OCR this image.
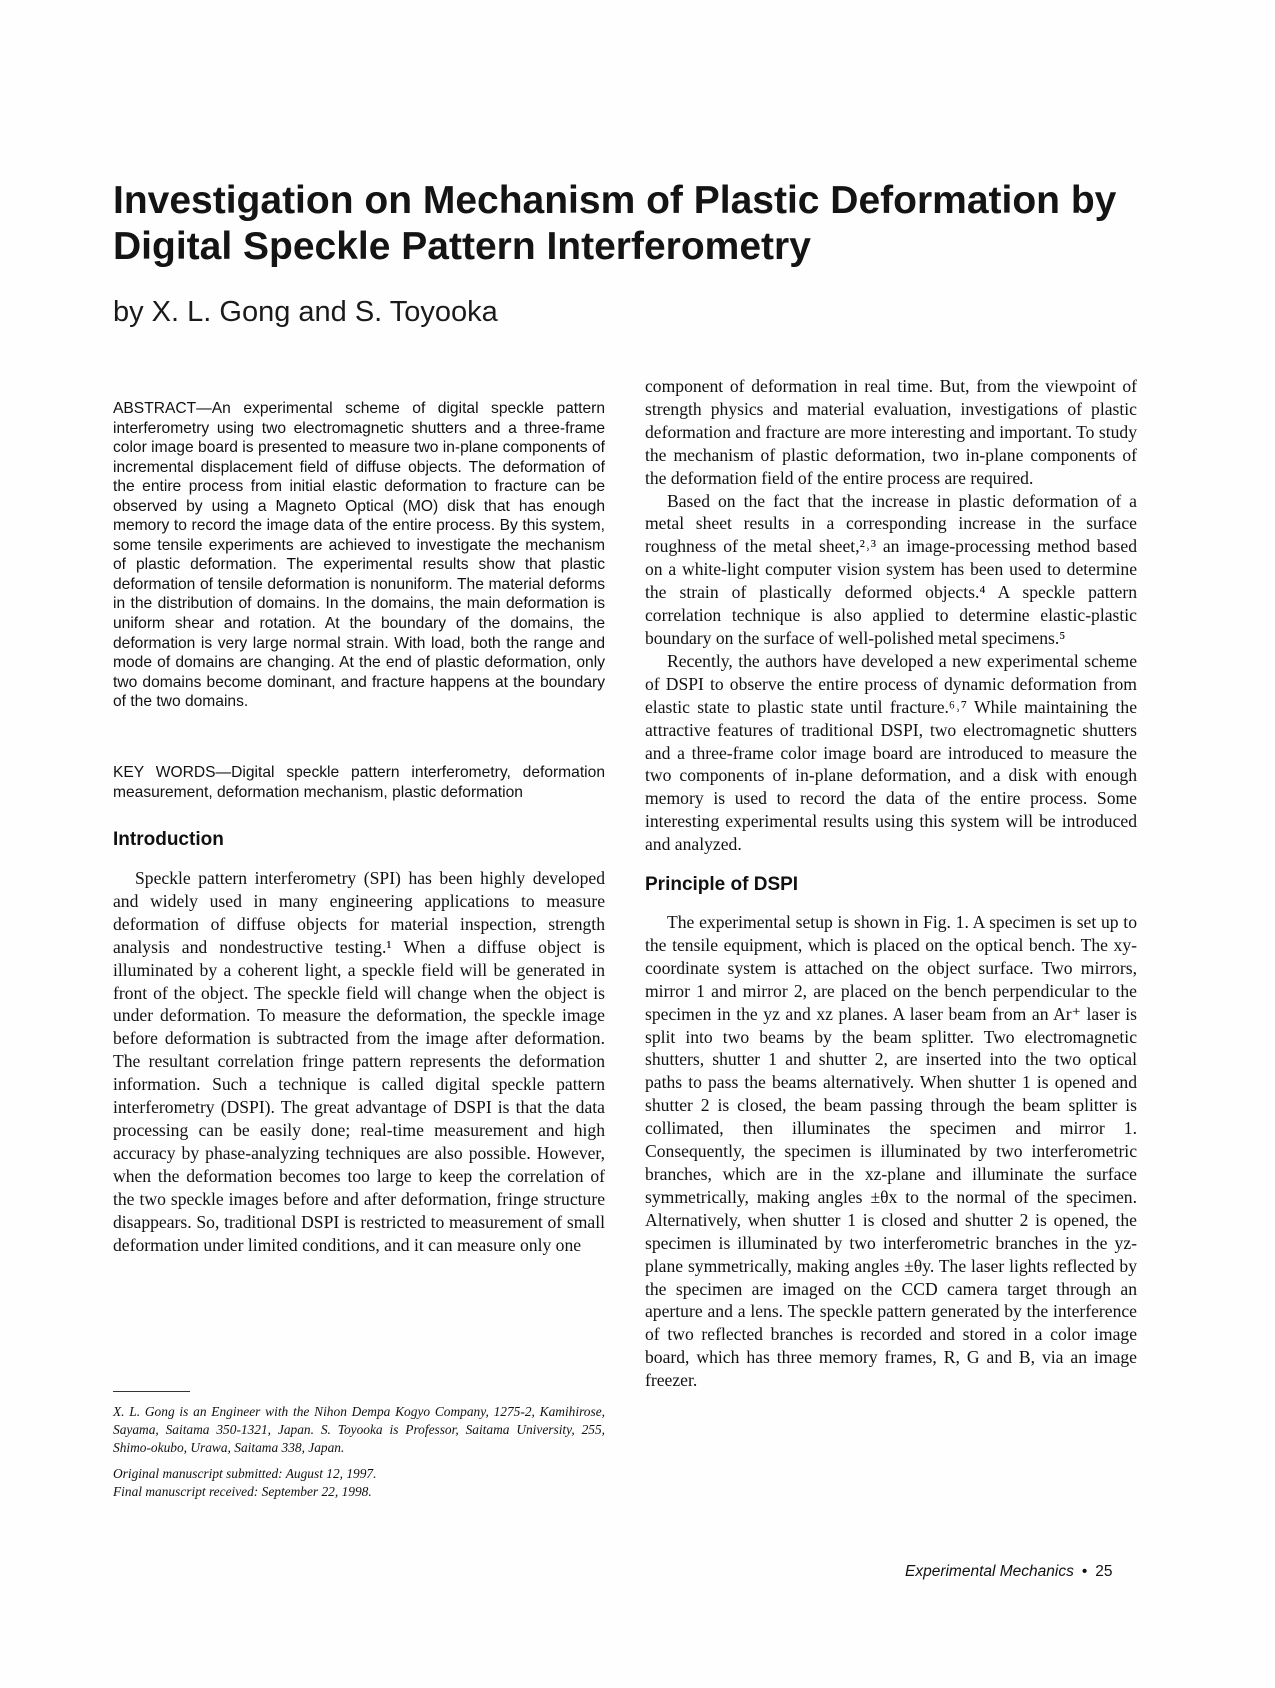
Investigation on Mechanism of Plastic Deformation by Digital Speckle Pattern Interferometry
by X. L. Gong and S. Toyooka

ABSTRACT—An experimental scheme of digital speckle pattern interferometry using two electromagnetic shutters and a three-frame color image board is presented to measure two in-plane components of incremental displacement field of diffuse objects. The deformation of the entire process from initial elastic deformation to fracture can be observed by using a Magneto Optical (MO) disk that has enough memory to record the image data of the entire process. By this system, some tensile experiments are achieved to investigate the mechanism of plastic deformation. The experimental results show that plastic deformation of tensile deformation is nonuniform. The material deforms in the distribution of domains. In the domains, the main deformation is uniform shear and rotation. At the boundary of the domains, the deformation is very large normal strain. With load, both the range and mode of domains are changing. At the end of plastic deformation, only two domains become dominant, and fracture happens at the boundary of the two domains.

KEY WORDS—Digital speckle pattern interferometry, deformation measurement, deformation mechanism, plastic deformation

Introduction

Speckle pattern interferometry (SPI) has been highly developed and widely used in many engineering applications to measure deformation of diffuse objects for material inspection, strength analysis and nondestructive testing.¹ When a diffuse object is illuminated by a coherent light, a speckle field will be generated in front of the object. The speckle field will change when the object is under deformation. To measure the deformation, the speckle image before deformation is subtracted from the image after deformation. The resultant correlation fringe pattern represents the deformation information. Such a technique is called digital speckle pattern interferometry (DSPI). The great advantage of DSPI is that the data processing can be easily done; real-time measurement and high accuracy by phase-analyzing techniques are also possible. However, when the deformation becomes too large to keep the correlation of the two speckle images before and after deformation, fringe structure disappears. So, traditional DSPI is restricted to measurement of small deformation under limited conditions, and it can measure only one

X. L. Gong is an Engineer with the Nihon Dempa Kogyo Company, 1275-2, Kamihirose, Sayama, Saitama 350-1321, Japan. S. Toyooka is Professor, Saitama University, 255, Shimo-okubo, Urawa, Saitama 338, Japan.

Original manuscript submitted: August 12, 1997.

Final manuscript received: September 22, 1998.

component of deformation in real time. But, from the viewpoint of strength physics and material evaluation, investigations of plastic deformation and fracture are more interesting and important. To study the mechanism of plastic deformation, two in-plane components of the deformation field of the entire process are required.

Based on the fact that the increase in plastic deformation of a metal sheet results in a corresponding increase in the surface roughness of the metal sheet,²˒³ an image-processing method based on a white-light computer vision system has been used to determine the strain of plastically deformed objects.⁴ A speckle pattern correlation technique is also applied to determine elastic-plastic boundary on the surface of well-polished metal specimens.⁵

Recently, the authors have developed a new experimental scheme of DSPI to observe the entire process of dynamic deformation from elastic state to plastic state until fracture.⁶˒⁷ While maintaining the attractive features of traditional DSPI, two electromagnetic shutters and a three-frame color image board are introduced to measure the two components of in-plane deformation, and a disk with enough memory is used to record the data of the entire process. Some interesting experimental results using this system will be introduced and analyzed.

Principle of DSPI

The experimental setup is shown in Fig. 1. A specimen is set up to the tensile equipment, which is placed on the optical bench. The xy-coordinate system is attached on the object surface. Two mirrors, mirror 1 and mirror 2, are placed on the bench perpendicular to the specimen in the yz and xz planes. A laser beam from an Ar⁺ laser is split into two beams by the beam splitter. Two electromagnetic shutters, shutter 1 and shutter 2, are inserted into the two optical paths to pass the beams alternatively. When shutter 1 is opened and shutter 2 is closed, the beam passing through the beam splitter is collimated, then illuminates the specimen and mirror 1. Consequently, the specimen is illuminated by two interferometric branches, which are in the xz-plane and illuminate the surface symmetrically, making angles ±θx to the normal of the specimen. Alternatively, when shutter 1 is closed and shutter 2 is opened, the specimen is illuminated by two interferometric branches in the yz-plane symmetrically, making angles ±θy. The laser lights reflected by the specimen are imaged on the CCD camera target through an aperture and a lens. The speckle pattern generated by the interference of two reflected branches is recorded and stored in a color image board, which has three memory frames, R, G and B, via an image freezer.

Experimental Mechanics • 25
